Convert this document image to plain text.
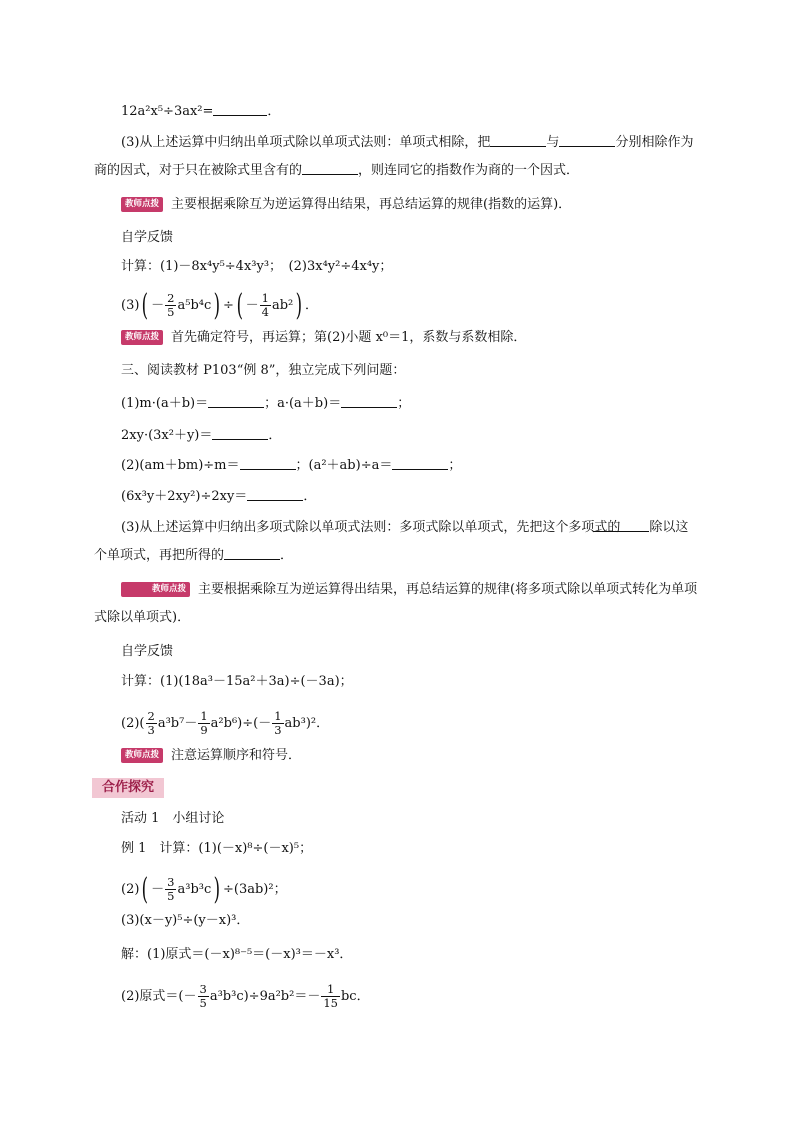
12a²x⁵÷3ax²=	．
(3)从上述运算中归纳出单项式除以单项式法则：单项式相除，把	与	分别相除作为商的因式，对于只在被除式里含有的	，则连同它的指数作为商的一个因式．
教师点拨 主要根据乘除互为逆运算得出结果，再总结运算的规律(指数的运算)．
自学反馈
计算：(1)－8x⁴y⁵÷4x³y³；　(2)3x⁴y²÷4x⁴y；
$(3)( - \frac{2}{5} a^5b^4c)$ ÷( － $\frac{1}{4} ab^2$) ．
教师点拨 首先确定符号，再运算；第(2)小题 x⁰＝1，系数与系数相除．
三、阅读教材 P103“例 8”，独立完成下列问题：
(1)m·(a＋b)＝	；a·(a＋b)＝	；
2xy·(3x²＋y)＝	．
(2)(am＋bm)÷m＝	；(a²＋ab)÷a＝	；
(6x³y＋2xy²)÷2xy＝	．
(3)从上述运算中归纳出多项式除以单项式法则：多项式除以单项式，先把这个多项式的 除以这个单项式，再把所得的	．
教师点拨 主要根据乘除互为逆运算得出结果，再总结运算的规律(将多项式除以单项式转化为单项式除以单项式)．
自学反馈
计算：(1)(18a³－15a²＋3a)÷(－3a)；
$(2)( \frac{2}{3} a^3b^7- \frac{1}{9} a^2b^6)\div(- \frac{1}{3} ab^3)^2$．
教师点拨 注意运算顺序和符号．
合作探究
活动 1　小组讨论
例 1　计算：(1)(－x)⁸÷(－x)⁵；
$(2)( - \frac{3}{5} a^3b^3c) \div(3ab)^2$；
(3)(x－y)⁵÷(y－x)³．
解：(1)原式＝(－x)⁸⁻⁵＝(－x)³＝－x³．
(2)原式＝(－ $\frac{3}{5} a^3b^3c)\div 9a^2b^2=- \frac{1}{15}$ bc．
